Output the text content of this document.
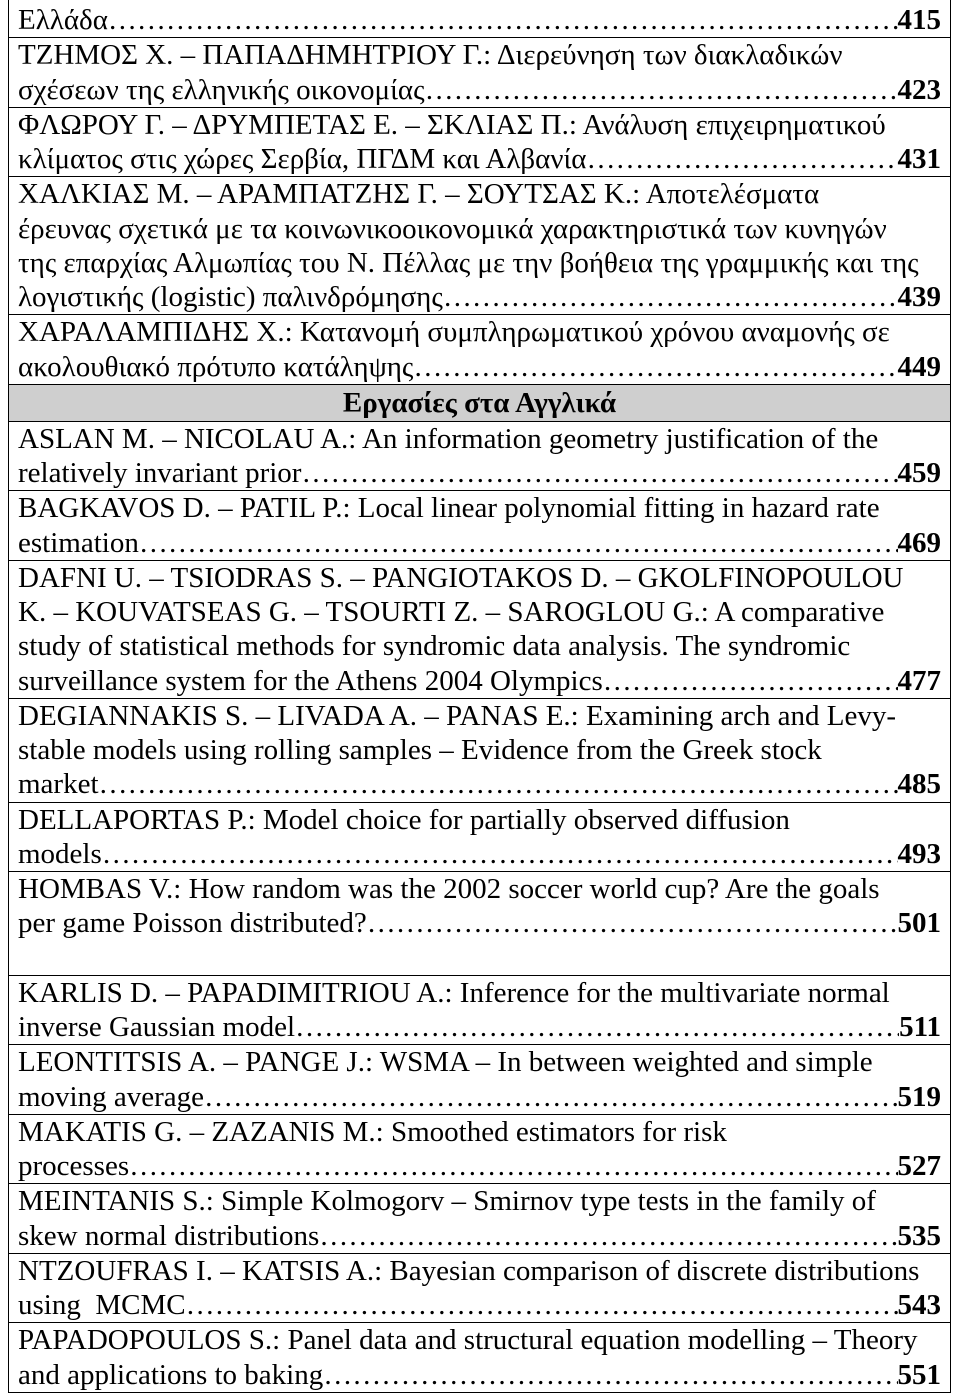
Ελλάδα ………………………………………………………………………………………………………………………………………………………………………………………………	415
ΤΖΗΜΟΣ Χ. – ΠΑΠΑΔΗΜΗΤΡΙΟΥ Γ.: Διερεύνηση των διακλαδικών
σχέσεων της ελληνικής οικονομίας ………………………………………………………………………………………………………………………………………………………………………………………………	423
ΦΛΩΡΟΥ Γ. – ΔΡΥΜΠΕΤΑΣ Ε. – ΣΚΛΙΑΣ Π.: Ανάλυση επιχειρηματικού
κλίματος στις χώρες Σερβία, ΠΓΔΜ και Αλβανία ………………………………………………………………………………………………………………………………………………………………………………………………	431
ΧΑΛΚΙΑΣ Μ. – ΑΡΑΜΠΑΤΖΗΣ Γ. – ΣΟΥΤΣΑΣ Κ.: Αποτελέσματα
έρευνας σχετικά με τα κοινωνικοοικονομικά χαρακτηριστικά των κυνηγών
της επαρχίας Αλμωπίας του Ν. Πέλλας με την βοήθεια της γραμμικής και της
λογιστικής (logistic) παλινδρόμησης ………………………………………………………………………………………………………………………………………………………………………………………………	439
ΧΑΡΑΛΑΜΠΙΔΗΣ Χ.: Κατανομή συμπληρωματικού χρόνου αναμονής σε
ακολουθιακό πρότυπο κατάληψης ………………………………………………………………………………………………………………………………………………………………………………………………	449
Εργασίες στα Αγγλικά
ASLAN M. – NICOLAU A.: An information geometry justification of the
relatively invariant prior ………………………………………………………………………………………………………………………………………………………………………………………………	459
BAGKAVOS D. – PATIL P.: Local linear polynomial fitting in hazard rate
estimation ………………………………………………………………………………………………………………………………………………………………………………………………	469
DAFNI U. – TSIODRAS S. – PANGIOTAKOS D. – GKOLFINOPOULOU
K. – KOUVATSEAS G. – TSOURTI Z. – SAROGLOU G.: A comparative
study of statistical methods for syndromic data analysis. The syndromic
surveillance system for the Athens 2004 Olympics ………………………………………………………………………………………………………………………………………………………………………………………………	477
DEGIANNAKIS S. – LIVADA A. – PANAS E.: Examining arch and Levy-
stable models using rolling samples – Evidence from the Greek stock
market ………………………………………………………………………………………………………………………………………………………………………………………………	485
DELLAPORTAS P.: Model choice for partially observed diffusion
models ………………………………………………………………………………………………………………………………………………………………………………………………	493
HOMBAS V.: How random was the 2002 soccer world cup? Are the goals
per game Poisson distributed? ………………………………………………………………………………………………………………………………………………………………………………………………	501
KARLIS D. – PAPADIMITRIOU A.: Inference for the multivariate normal
inverse Gaussian model ………………………………………………………………………………………………………………………………………………………………………………………………	511
LEONTITSIS A. – PANGE J.: WSMA – In between weighted and simple
moving average ………………………………………………………………………………………………………………………………………………………………………………………………	519
MAKATIS G. – ZAZANIS M.: Smoothed estimators for risk
processes ………………………………………………………………………………………………………………………………………………………………………………………………	527
MEINTANIS S.: Simple Kolmogorv – Smirnov type tests in the family of
skew normal distributions ………………………………………………………………………………………………………………………………………………………………………………………………	535
NTZOUFRAS I. – KATSIS A.: Bayesian comparison of discrete distributions
using  MCMC ………………………………………………………………………………………………………………………………………………………………………………………………	543
PAPADOPOULOS S.: Panel data and structural equation modelling – Theory
and applications to baking ………………………………………………………………………………………………………………………………………………………………………………………………	551
